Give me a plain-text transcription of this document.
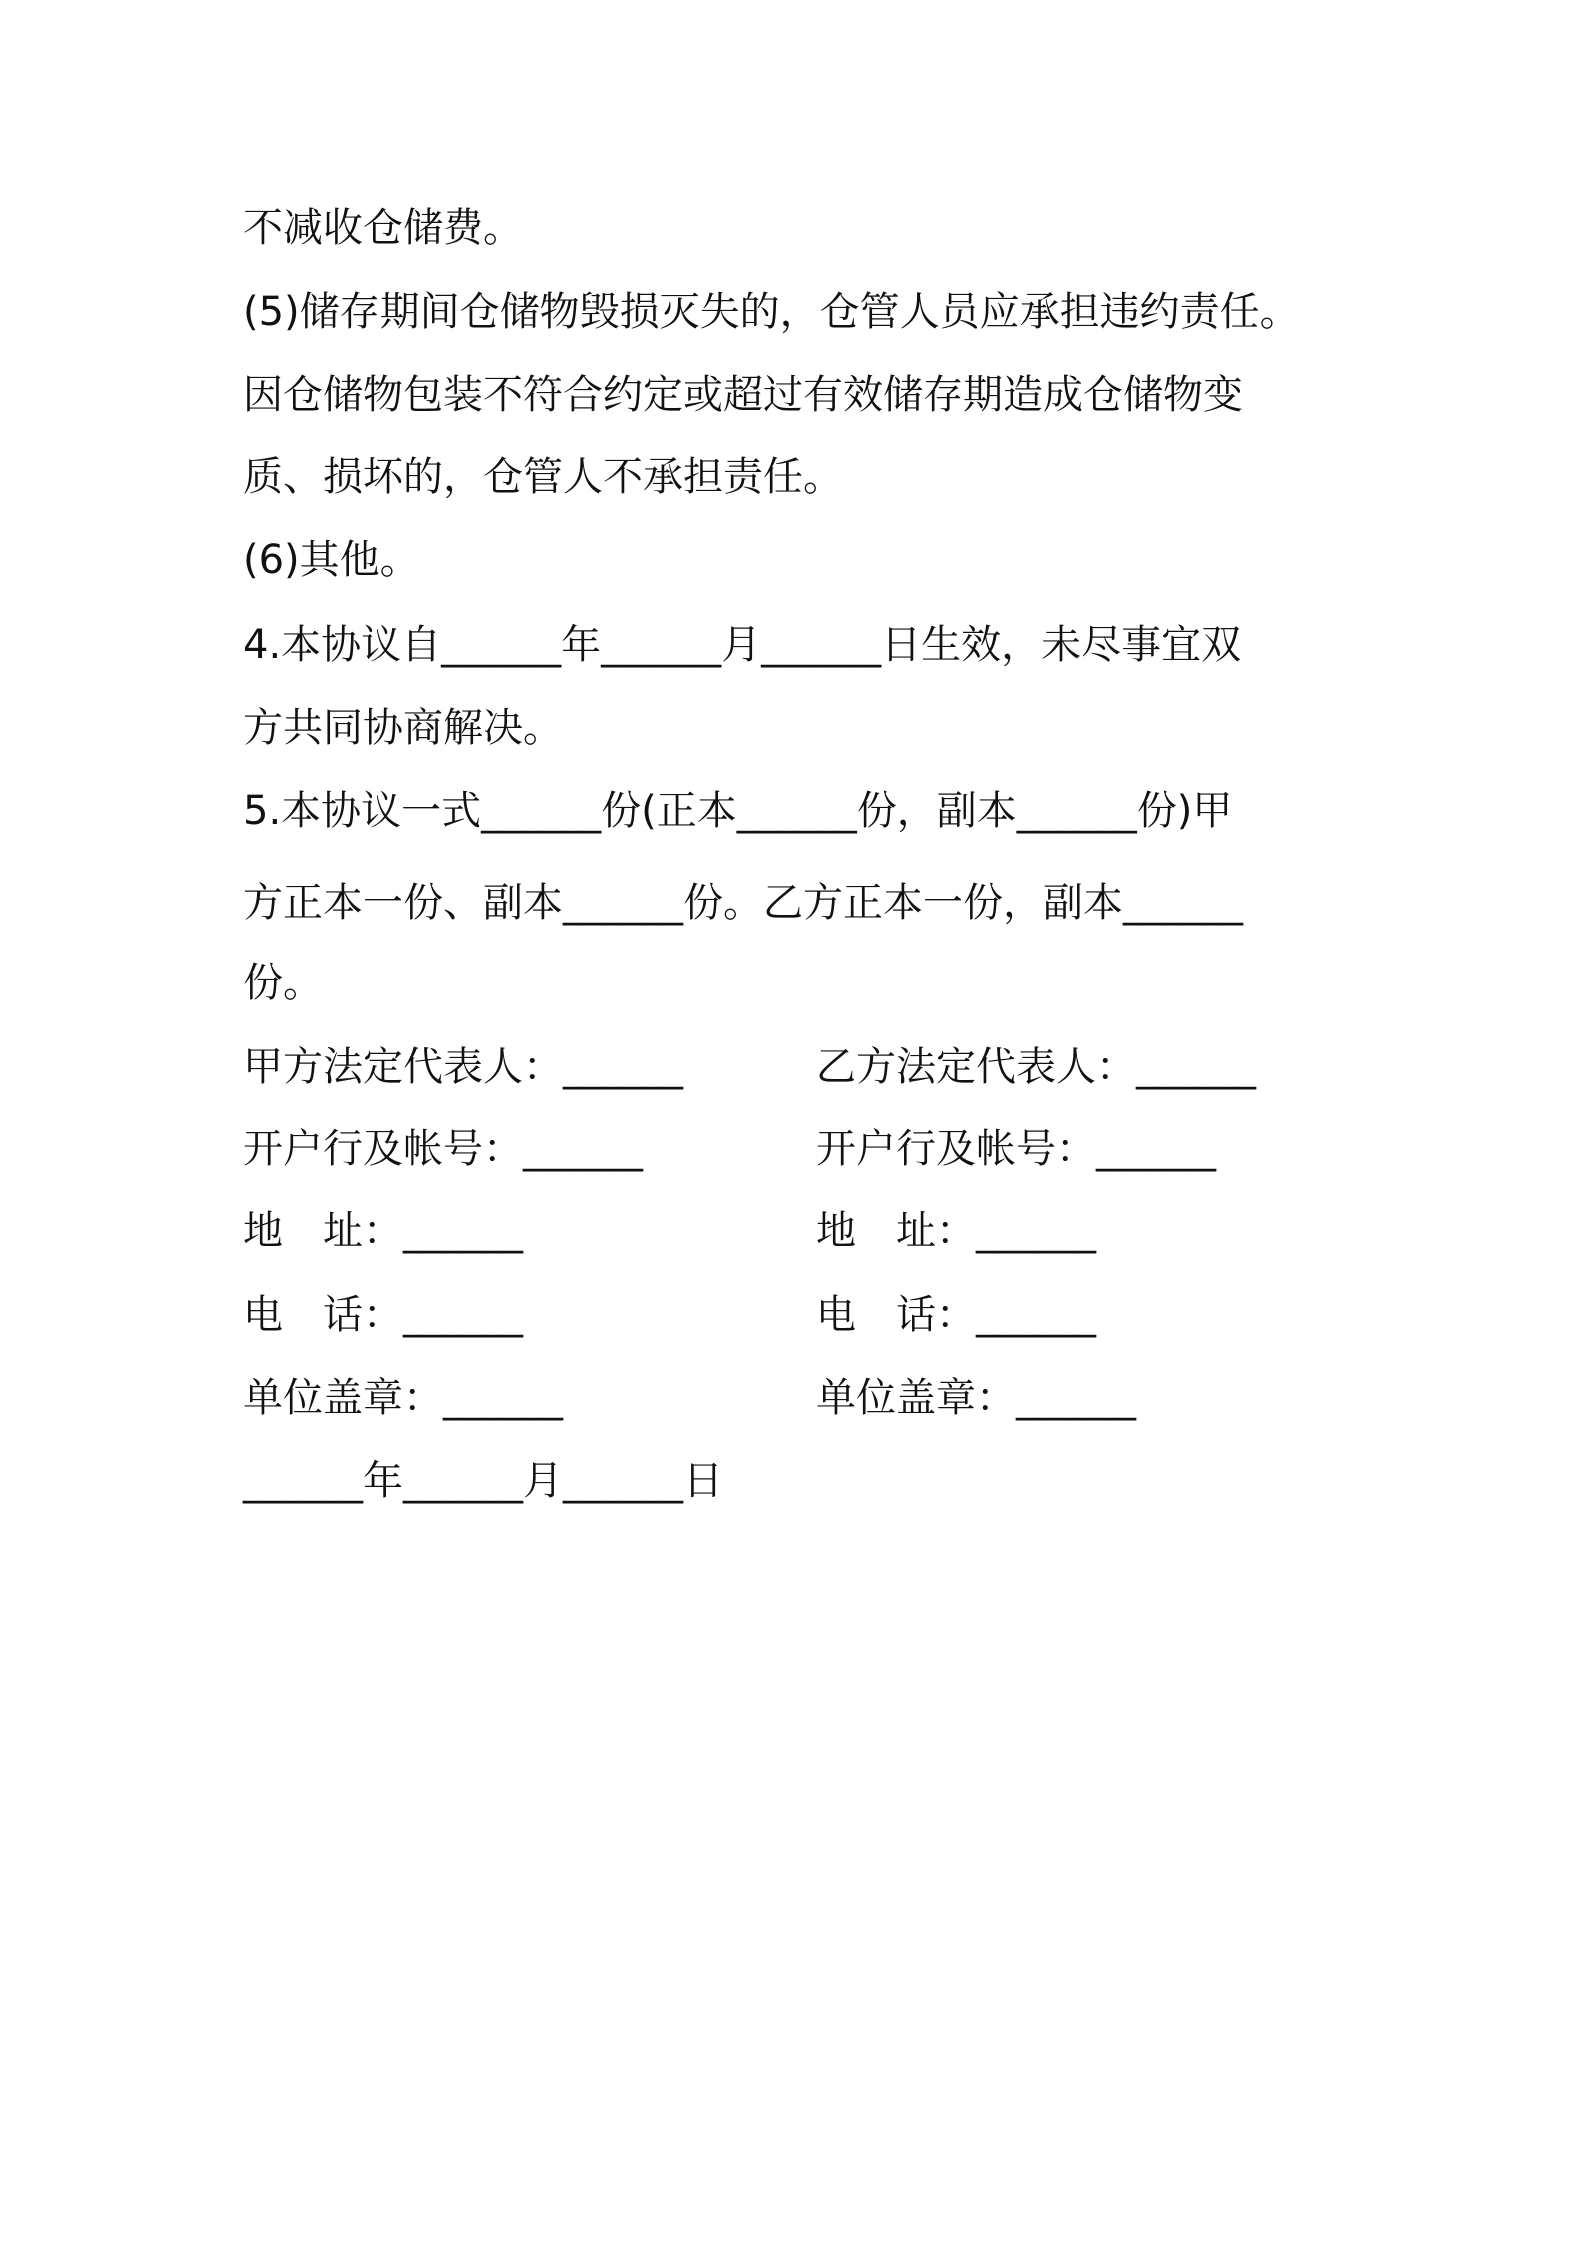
不减收仓储费。
(5)储存期间仓储物毁损灭失的，仓管人员应承担违约责任。
因仓储物包装不符合约定或超过有效储存期造成仓储物变
质、损坏的，仓管人不承担责任。
(6)其他。
4.本协议自______年______月______日生效，未尽事宜双
方共同协商解决。
5.本协议一式______份(正本______份，副本______份)甲
方正本一份、副本______份。乙方正本一份，副本______
份。
甲方法定代表人：______	乙方法定代表人：______
开户行及帐号：______	开户行及帐号：______
地　址：______	地　址：______
电　话：______	电　话：______
单位盖章：______	单位盖章：______
______年______月______日
